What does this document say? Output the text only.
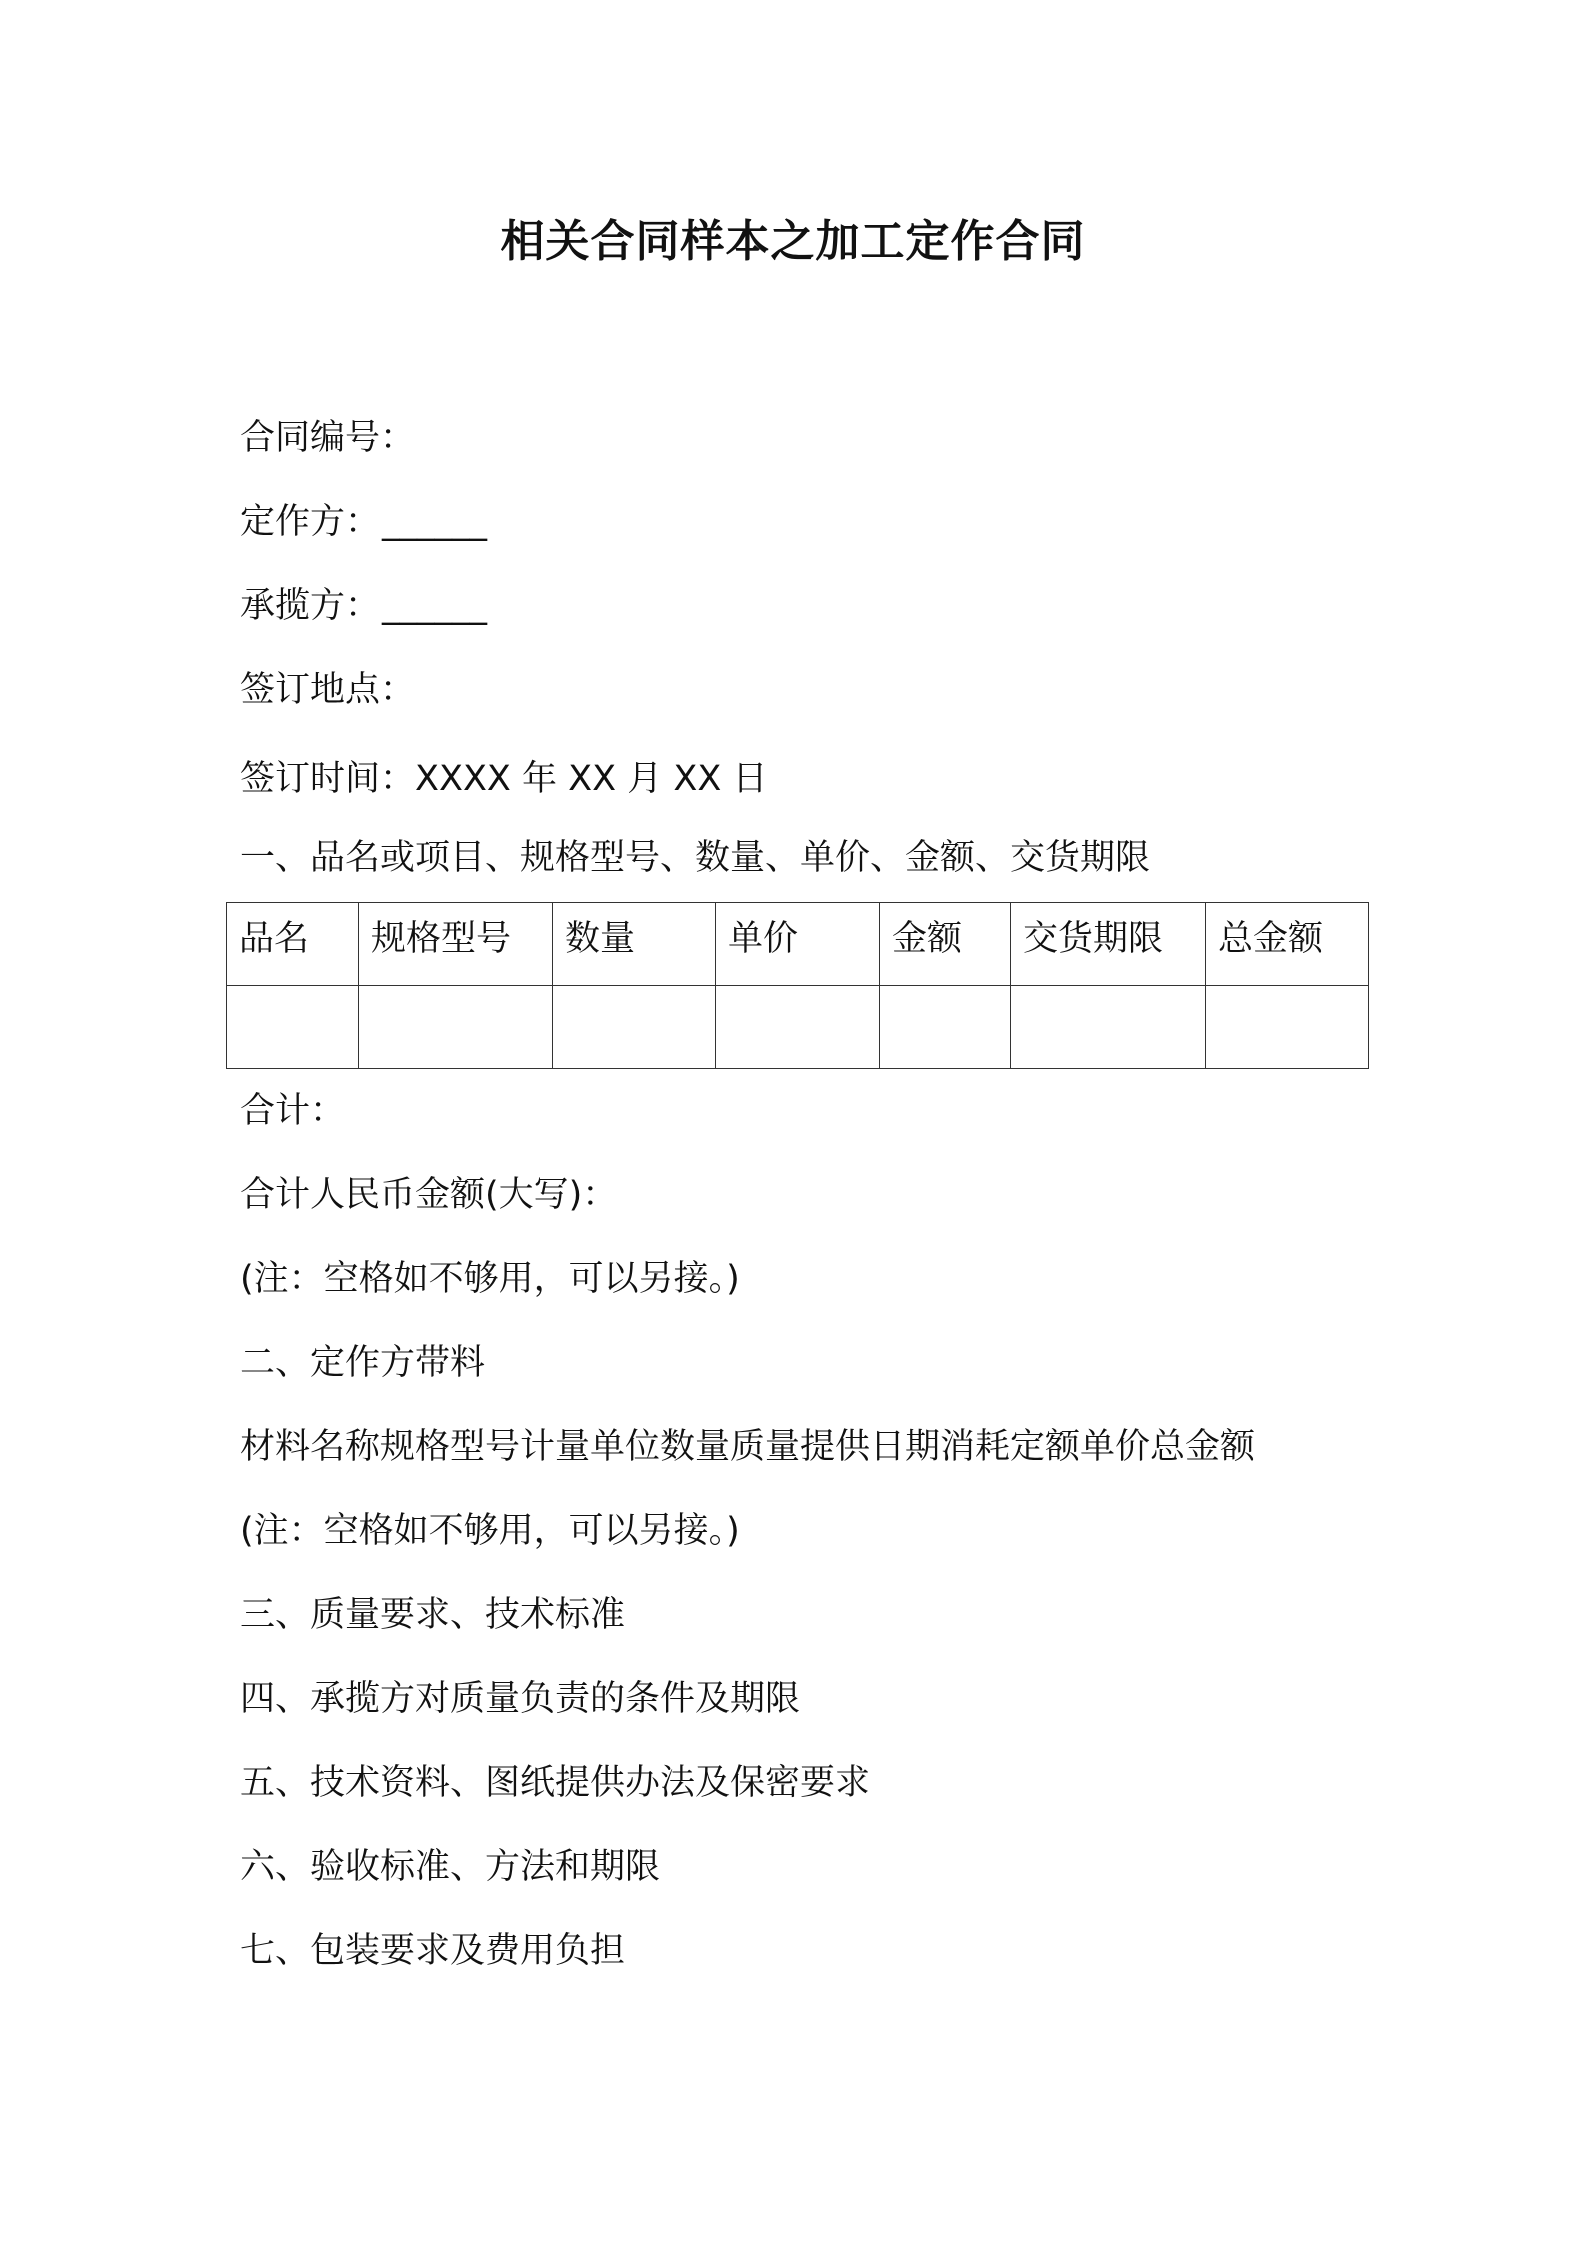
相关合同样本之加工定作合同
合同编号：
定作方：______
承揽方：______
签订地点：
签订时间：XXXX 年 XX 月 XX 日
一、品名或项目、规格型号、数量、单价、金额、交货期限
品名	规格型号	数量	单价	金额	交货期限	总金额

合计：
合计人民币金额(大写)：
(注：空格如不够用，可以另接。)
二、定作方带料
材料名称规格型号计量单位数量质量提供日期消耗定额单价总金额
(注：空格如不够用，可以另接。)
三、质量要求、技术标准
四、承揽方对质量负责的条件及期限
五、技术资料、图纸提供办法及保密要求
六、验收标准、方法和期限
七、包装要求及费用负担
